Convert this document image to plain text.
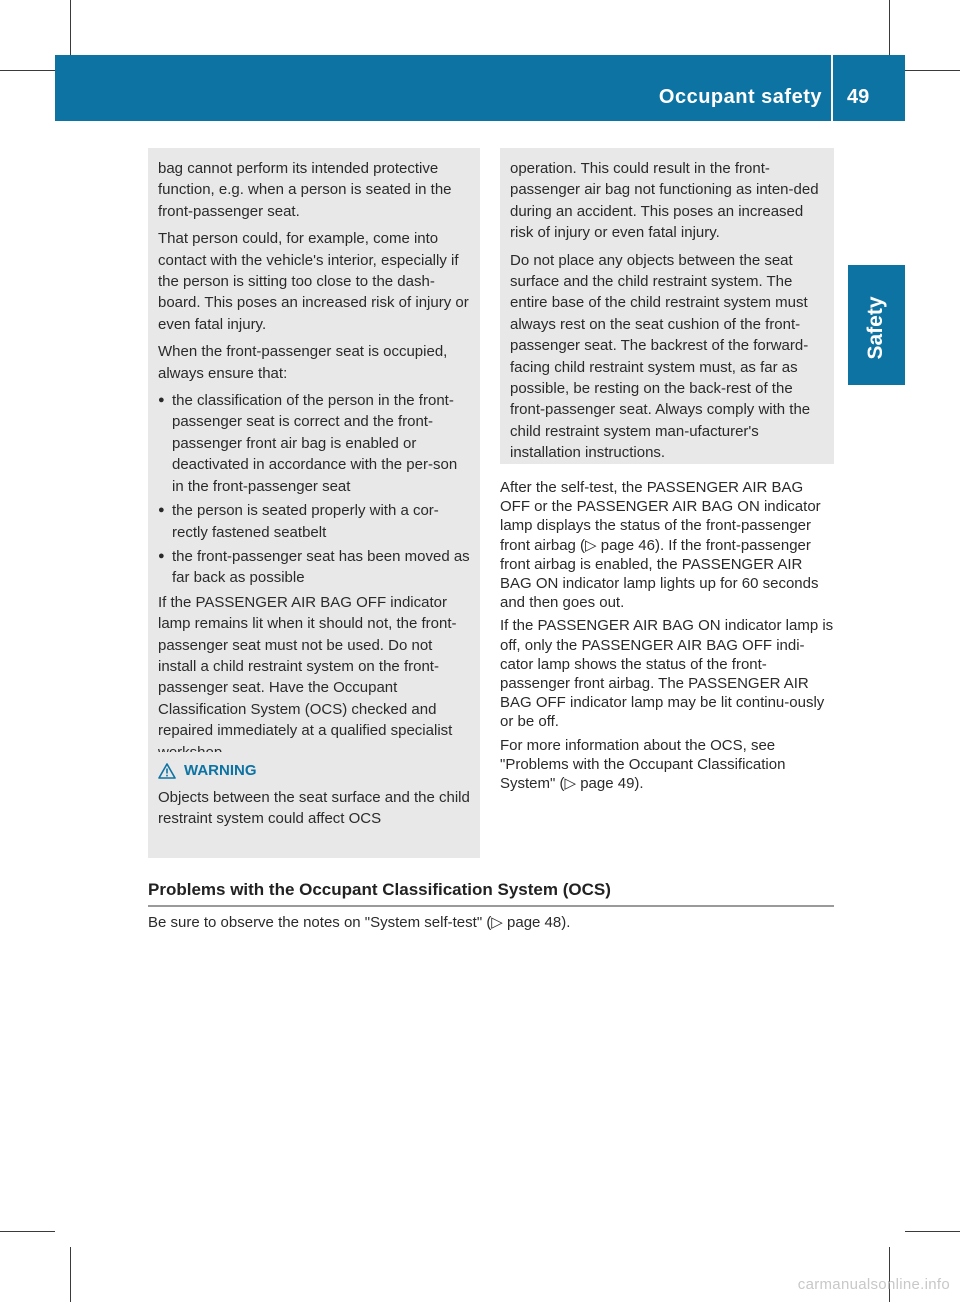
Occupant safety 49
Safety

bag cannot perform its intended protective function, e.g. when a person is seated in the front-passenger seat.

That person could, for example, come into contact with the vehicle's interior, especially if the person is sitting too close to the dash-board. This poses an increased risk of injury or even fatal injury.

When the front-passenger seat is occupied, always ensure that:

● the classification of the person in the front-passenger seat is correct and the front-passenger front air bag is enabled or deactivated in accordance with the per-son in the front-passenger seat
● the person is seated properly with a cor-rectly fastened seatbelt
● the front-passenger seat has been moved as far back as possible

If the PASSENGER AIR BAG OFF indicator lamp remains lit when it should not, the front-passenger seat must not be used. Do not install a child restraint system on the front-passenger seat. Have the Occupant Classification System (OCS) checked and repaired immediately at a qualified specialist

WARNING

Objects between the seat surface and the child restraint system could affect OCS

operation. This could result in the front-passenger air bag not functioning as inten-ded during an accident. This poses an increased risk of injury or even fatal injury.

Do not place any objects between the seat surface and the child restraint system. The entire base of the child restraint system must always rest on the seat cushion of the front-passenger seat. The backrest of the forward-facing child restraint system must, as far as possible, be resting on the back-rest of the front-passenger seat. Always comply with the child restraint system man-ufacturer's installation instructions.

After the self-test, the PASSENGER AIR BAG OFF or the PASSENGER AIR BAG ON indicator lamp displays the status of the front-passenger front airbag (▷ page 46). If the front-passenger front airbag is enabled, the PASSENGER AIR BAG ON indicator lamp lights up for 60 seconds and then goes out.

If the PASSENGER AIR BAG ON indicator lamp is off, only the PASSENGER AIR BAG OFF indi-cator lamp shows the status of the front-passenger front airbag. The PASSENGER AIR BAG OFF indicator lamp may be lit continu-ously or be off.

For more information about the OCS, see "Problems with the Occupant Classification System" (▷ page 49).

Problems with the Occupant Classification System (OCS)

Be sure to observe the notes on "System self-test" (▷ page 48).

carmanualsonline.info
